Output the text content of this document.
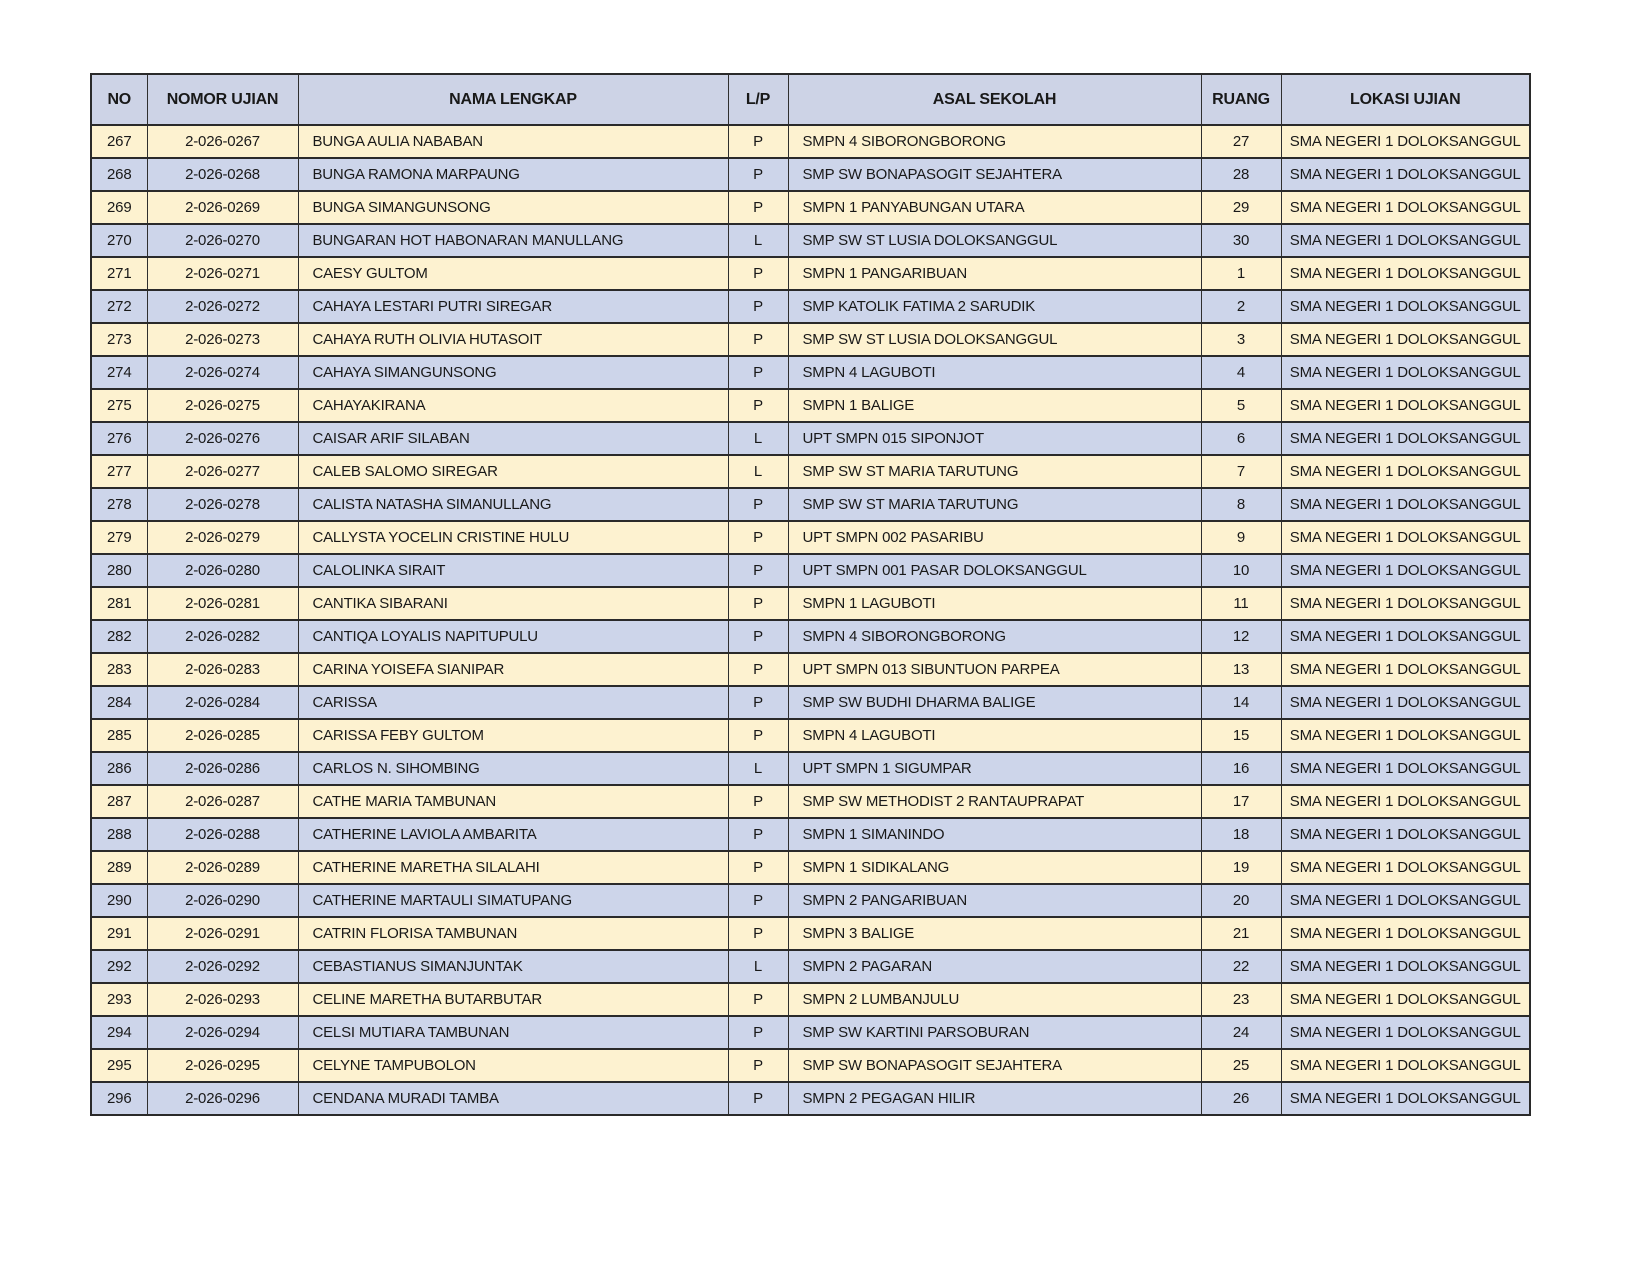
NO	NOMOR UJIAN	NAMA LENGKAP	L/P	ASAL SEKOLAH	RUANG	LOKASI UJIAN
267	2-026-0267	BUNGA AULIA NABABAN	P	SMPN 4 SIBORONGBORONG	27	SMA NEGERI 1 DOLOKSANGGUL
268	2-026-0268	BUNGA RAMONA MARPAUNG	P	SMP SW BONAPASOGIT SEJAHTERA	28	SMA NEGERI 1 DOLOKSANGGUL
269	2-026-0269	BUNGA SIMANGUNSONG	P	SMPN 1 PANYABUNGAN UTARA	29	SMA NEGERI 1 DOLOKSANGGUL
270	2-026-0270	BUNGARAN HOT HABONARAN MANULLANG	L	SMP SW ST LUSIA DOLOKSANGGUL	30	SMA NEGERI 1 DOLOKSANGGUL
271	2-026-0271	CAESY GULTOM	P	SMPN 1 PANGARIBUAN	1	SMA NEGERI 1 DOLOKSANGGUL
272	2-026-0272	CAHAYA LESTARI PUTRI SIREGAR	P	SMP KATOLIK FATIMA 2 SARUDIK	2	SMA NEGERI 1 DOLOKSANGGUL
273	2-026-0273	CAHAYA RUTH OLIVIA HUTASOIT	P	SMP SW ST LUSIA DOLOKSANGGUL	3	SMA NEGERI 1 DOLOKSANGGUL
274	2-026-0274	CAHAYA SIMANGUNSONG	P	SMPN 4 LAGUBOTI	4	SMA NEGERI 1 DOLOKSANGGUL
275	2-026-0275	CAHAYAKIRANA	P	SMPN 1 BALIGE	5	SMA NEGERI 1 DOLOKSANGGUL
276	2-026-0276	CAISAR ARIF SILABAN	L	UPT SMPN 015 SIPONJOT	6	SMA NEGERI 1 DOLOKSANGGUL
277	2-026-0277	CALEB SALOMO SIREGAR	L	SMP SW ST MARIA TARUTUNG	7	SMA NEGERI 1 DOLOKSANGGUL
278	2-026-0278	CALISTA NATASHA SIMANULLANG	P	SMP SW ST MARIA TARUTUNG	8	SMA NEGERI 1 DOLOKSANGGUL
279	2-026-0279	CALLYSTA YOCELIN CRISTINE HULU	P	UPT SMPN 002 PASARIBU	9	SMA NEGERI 1 DOLOKSANGGUL
280	2-026-0280	CALOLINKA SIRAIT	P	UPT SMPN 001 PASAR DOLOKSANGGUL	10	SMA NEGERI 1 DOLOKSANGGUL
281	2-026-0281	CANTIKA SIBARANI	P	SMPN 1 LAGUBOTI	11	SMA NEGERI 1 DOLOKSANGGUL
282	2-026-0282	CANTIQA LOYALIS NAPITUPULU	P	SMPN 4 SIBORONGBORONG	12	SMA NEGERI 1 DOLOKSANGGUL
283	2-026-0283	CARINA YOISEFA SIANIPAR	P	UPT SMPN 013 SIBUNTUON PARPEA	13	SMA NEGERI 1 DOLOKSANGGUL
284	2-026-0284	CARISSA	P	SMP SW BUDHI DHARMA BALIGE	14	SMA NEGERI 1 DOLOKSANGGUL
285	2-026-0285	CARISSA FEBY GULTOM	P	SMPN 4 LAGUBOTI	15	SMA NEGERI 1 DOLOKSANGGUL
286	2-026-0286	CARLOS N. SIHOMBING	L	UPT SMPN 1 SIGUMPAR	16	SMA NEGERI 1 DOLOKSANGGUL
287	2-026-0287	CATHE MARIA TAMBUNAN	P	SMP SW METHODIST 2 RANTAUPRAPAT	17	SMA NEGERI 1 DOLOKSANGGUL
288	2-026-0288	CATHERINE LAVIOLA AMBARITA	P	SMPN 1 SIMANINDO	18	SMA NEGERI 1 DOLOKSANGGUL
289	2-026-0289	CATHERINE MARETHA SILALAHI	P	SMPN 1 SIDIKALANG	19	SMA NEGERI 1 DOLOKSANGGUL
290	2-026-0290	CATHERINE MARTAULI SIMATUPANG	P	SMPN 2 PANGARIBUAN	20	SMA NEGERI 1 DOLOKSANGGUL
291	2-026-0291	CATRIN FLORISA TAMBUNAN	P	SMPN 3 BALIGE	21	SMA NEGERI 1 DOLOKSANGGUL
292	2-026-0292	CEBASTIANUS SIMANJUNTAK	L	SMPN 2 PAGARAN	22	SMA NEGERI 1 DOLOKSANGGUL
293	2-026-0293	CELINE MARETHA BUTARBUTAR	P	SMPN 2 LUMBANJULU	23	SMA NEGERI 1 DOLOKSANGGUL
294	2-026-0294	CELSI MUTIARA TAMBUNAN	P	SMP SW KARTINI PARSOBURAN	24	SMA NEGERI 1 DOLOKSANGGUL
295	2-026-0295	CELYNE TAMPUBOLON	P	SMP SW BONAPASOGIT SEJAHTERA	25	SMA NEGERI 1 DOLOKSANGGUL
296	2-026-0296	CENDANA MURADI TAMBA	P	SMPN 2 PEGAGAN HILIR	26	SMA NEGERI 1 DOLOKSANGGUL
